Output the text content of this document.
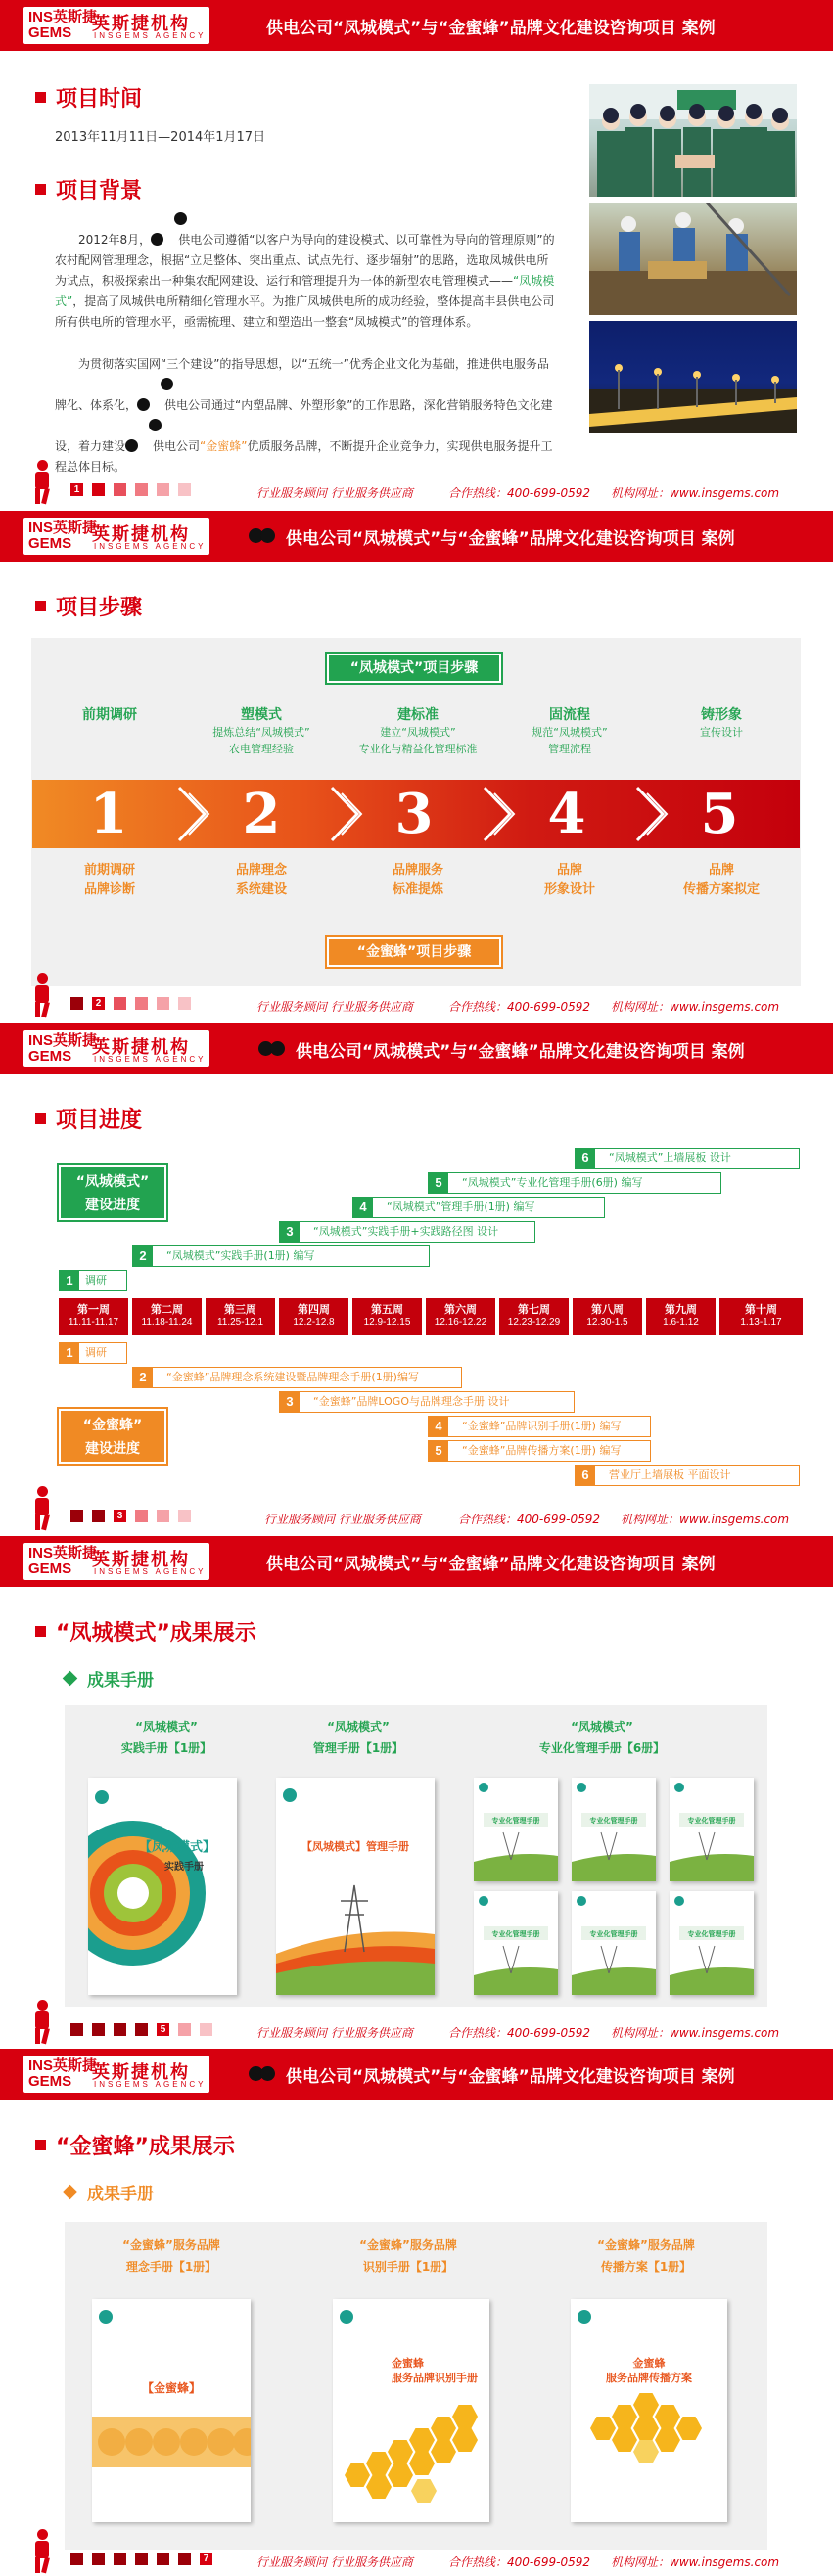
INS英斯捷
GEMS 英斯捷机构
INSGEMS AGENCY	供电公司“凤城模式”与“金蜜蜂”品牌文化建设咨询项目 案例
项目时间
2013年11月11日—2014年1月17日
项目背景
2012年8月， 供电公司遵循“以客户为导向的建设模式、以可靠性为导向的管理原则”的农村配网管理理念，根据“立足整体、突出重点、试点先行、逐步辐射”的思路，选取凤城供电所为试点，积极探索出一种集农配网建设、运行和管理提升为一体的新型农电管理模式——“凤城模式”，提高了凤城供电所精细化管理水平。为推广凤城供电所的成功经验，整体提高丰县供电公司所有供电所的管理水平，亟需梳理、建立和塑造出一整套“凤城模式”的管理体系。
为贯彻落实国网“三个建设”的指导思想，以“五统一”优秀企业文化为基础，推进供电服务品牌化、体系化， 供电公司通过“内塑品牌、外塑形象”的工作思路，深化营销服务特色文化建设，着力建设 供电公司“金蜜蜂”优质服务品牌，不断提升企业竞争力，实现供电服务提升工程总体目标。
1	行业服务顾问 行业服务供应商	合作热线：400-699-0592 机构网址：www.insgems.com
INS英斯捷
GEMS 英斯捷机构
INSGEMS AGENCY	供电公司“凤城模式”与“金蜜蜂”品牌文化建设咨询项目 案例
项目步骤
“凤城模式”项目步骤
前期调研	塑模式
提炼总结“凤城模式”
农电管理经验
建标准
建立“凤城模式”
专业化与精益化管理标准
固流程
规范“凤城模式”
管理流程
铸形象
宣传设计
1 2 3 4 5
前期调研
品牌诊断
品牌理念
系统建设
品牌服务
标准提炼
品牌
形象设计
品牌
传播方案拟定
“金蜜蜂”项目步骤
2	行业服务顾问 行业服务供应商	合作热线：400-699-0592 机构网址：www.insgems.com
INS英斯捷
GEMS 英斯捷机构
INSGEMS AGENCY	供电公司“凤城模式”与“金蜜蜂”品牌文化建设咨询项目 案例
项目进度
“凤城模式”
建设进度
6 “凤城模式”上墙展板 设计
5 “凤城模式”专业化管理手册(6册) 编写
4 “凤城模式”管理手册(1册) 编写
3 “凤城模式”实践手册+实践路径图 设计
2 “凤城模式”实践手册(1册) 编写
1 调研
第一周
11.11-11.17
第二周
11.18-11.24
第三周
11.25-12.1
第四周
12.2-12.8
第五周
12.9-12.15
第六周
12.16-12.22
第七周
12.23-12.29
第八周
12.30-1.5
第九周
1.6-1.12
第十周
1.13-1.17
1 调研
2 “金蜜蜂”品牌理念系统建设暨品牌理念手册(1册)编写
3 “金蜜蜂”品牌LOGO与品牌理念手册 设计
4 “金蜜蜂”品牌识别手册(1册) 编写
5 “金蜜蜂”品牌传播方案(1册) 编写
6 营业厅上墙展板 平面设计
“金蜜蜂”
建设进度
3	行业服务顾问 行业服务供应商	合作热线：400-699-0592 机构网址：www.insgems.com
INS英斯捷
GEMS 英斯捷机构
INSGEMS AGENCY	供电公司“凤城模式”与“金蜜蜂”品牌文化建设咨询项目 案例
“凤城模式”成果展示
成果手册
“凤城模式”
实践手册【1册】
“凤城模式”
管理手册【1册】
“凤城模式”
专业化管理手册【6册】
【凤城模式】
实践手册
【凤城模式】管理手册
专业化管理手册	专业化管理手册	专业化管理手册
专业化管理手册	专业化管理手册	专业化管理手册
5	行业服务顾问 行业服务供应商	合作热线：400-699-0592 机构网址：www.insgems.com
INS英斯捷
GEMS 英斯捷机构
INSGEMS AGENCY	供电公司“凤城模式”与“金蜜蜂”品牌文化建设咨询项目 案例
“金蜜蜂”成果展示
成果手册
“金蜜蜂”服务品牌
理念手册【1册】
“金蜜蜂”服务品牌
识别手册【1册】
“金蜜蜂”服务品牌
传播方案【1册】
【金蜜蜂】
金蜜蜂
服务品牌识别手册
金蜜蜂
服务品牌传播方案
7	行业服务顾问 行业服务供应商	合作热线：400-699-0592 机构网址：www.insgems.com
